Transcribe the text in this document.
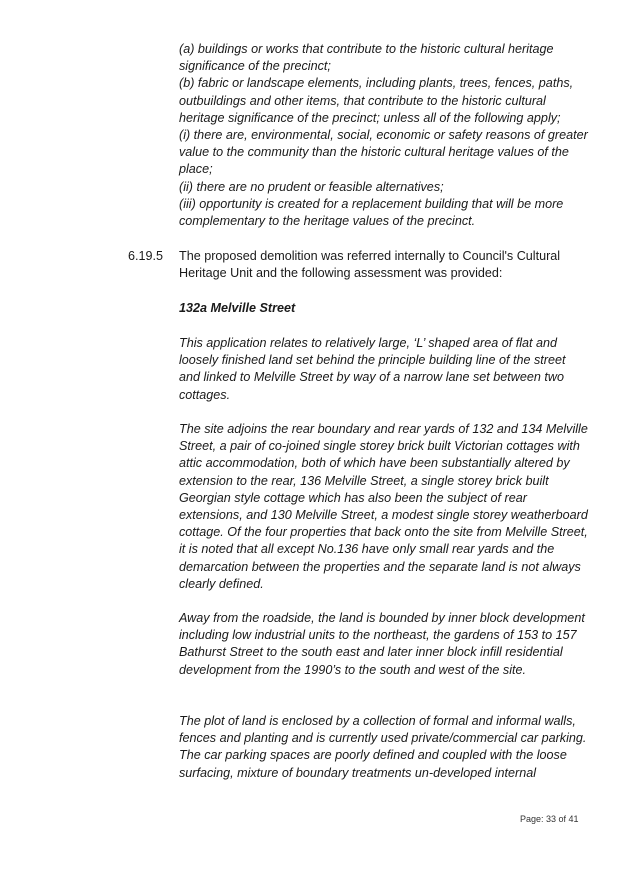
(a) buildings or works that contribute to the historic cultural heritage significance of the precinct;

(b) fabric or landscape elements, including plants, trees, fences, paths, outbuildings and other items, that contribute to the historic cultural heritage significance of the precinct; unless all of the following apply;

(i) there are, environmental, social, economic or safety reasons of greater value to the community than the historic cultural heritage values of the place;

(ii) there are no prudent or feasible alternatives;

(iii) opportunity is created for a replacement building that will be more complementary to the heritage values of the precinct.

6.19.5 The proposed demolition was referred internally to Council's Cultural Heritage Unit and the following assessment was provided:
132a Melville Street

This application relates to relatively large, ‘L’ shaped area of flat and loosely finished land set behind the principle building line of the street and linked to Melville Street by way of a narrow lane set between two cottages.

The site adjoins the rear boundary and rear yards of 132 and 134 Melville Street, a pair of co-joined single storey brick built Victorian cottages with attic accommodation, both of which have been substantially altered by extension to the rear, 136 Melville Street, a single storey brick built Georgian style cottage which has also been the subject of rear extensions, and 130 Melville Street, a modest single storey weatherboard cottage. Of the four properties that back onto the site from Melville Street, it is noted that all except No.136 have only small rear yards and the demarcation between the properties and the separate land is not always clearly defined.

Away from the roadside, the land is bounded by inner block development including low industrial units to the northeast, the gardens of 153 to 157 Bathurst Street to the south east and later inner block infill residential development from the 1990’s to the south and west of the site.

The plot of land is enclosed by a collection of formal and informal walls, fences and planting and is currently used private/commercial car parking. The car parking spaces are poorly defined and coupled with the loose surfacing, mixture of boundary treatments un-developed internal

Page: 33 of 41
